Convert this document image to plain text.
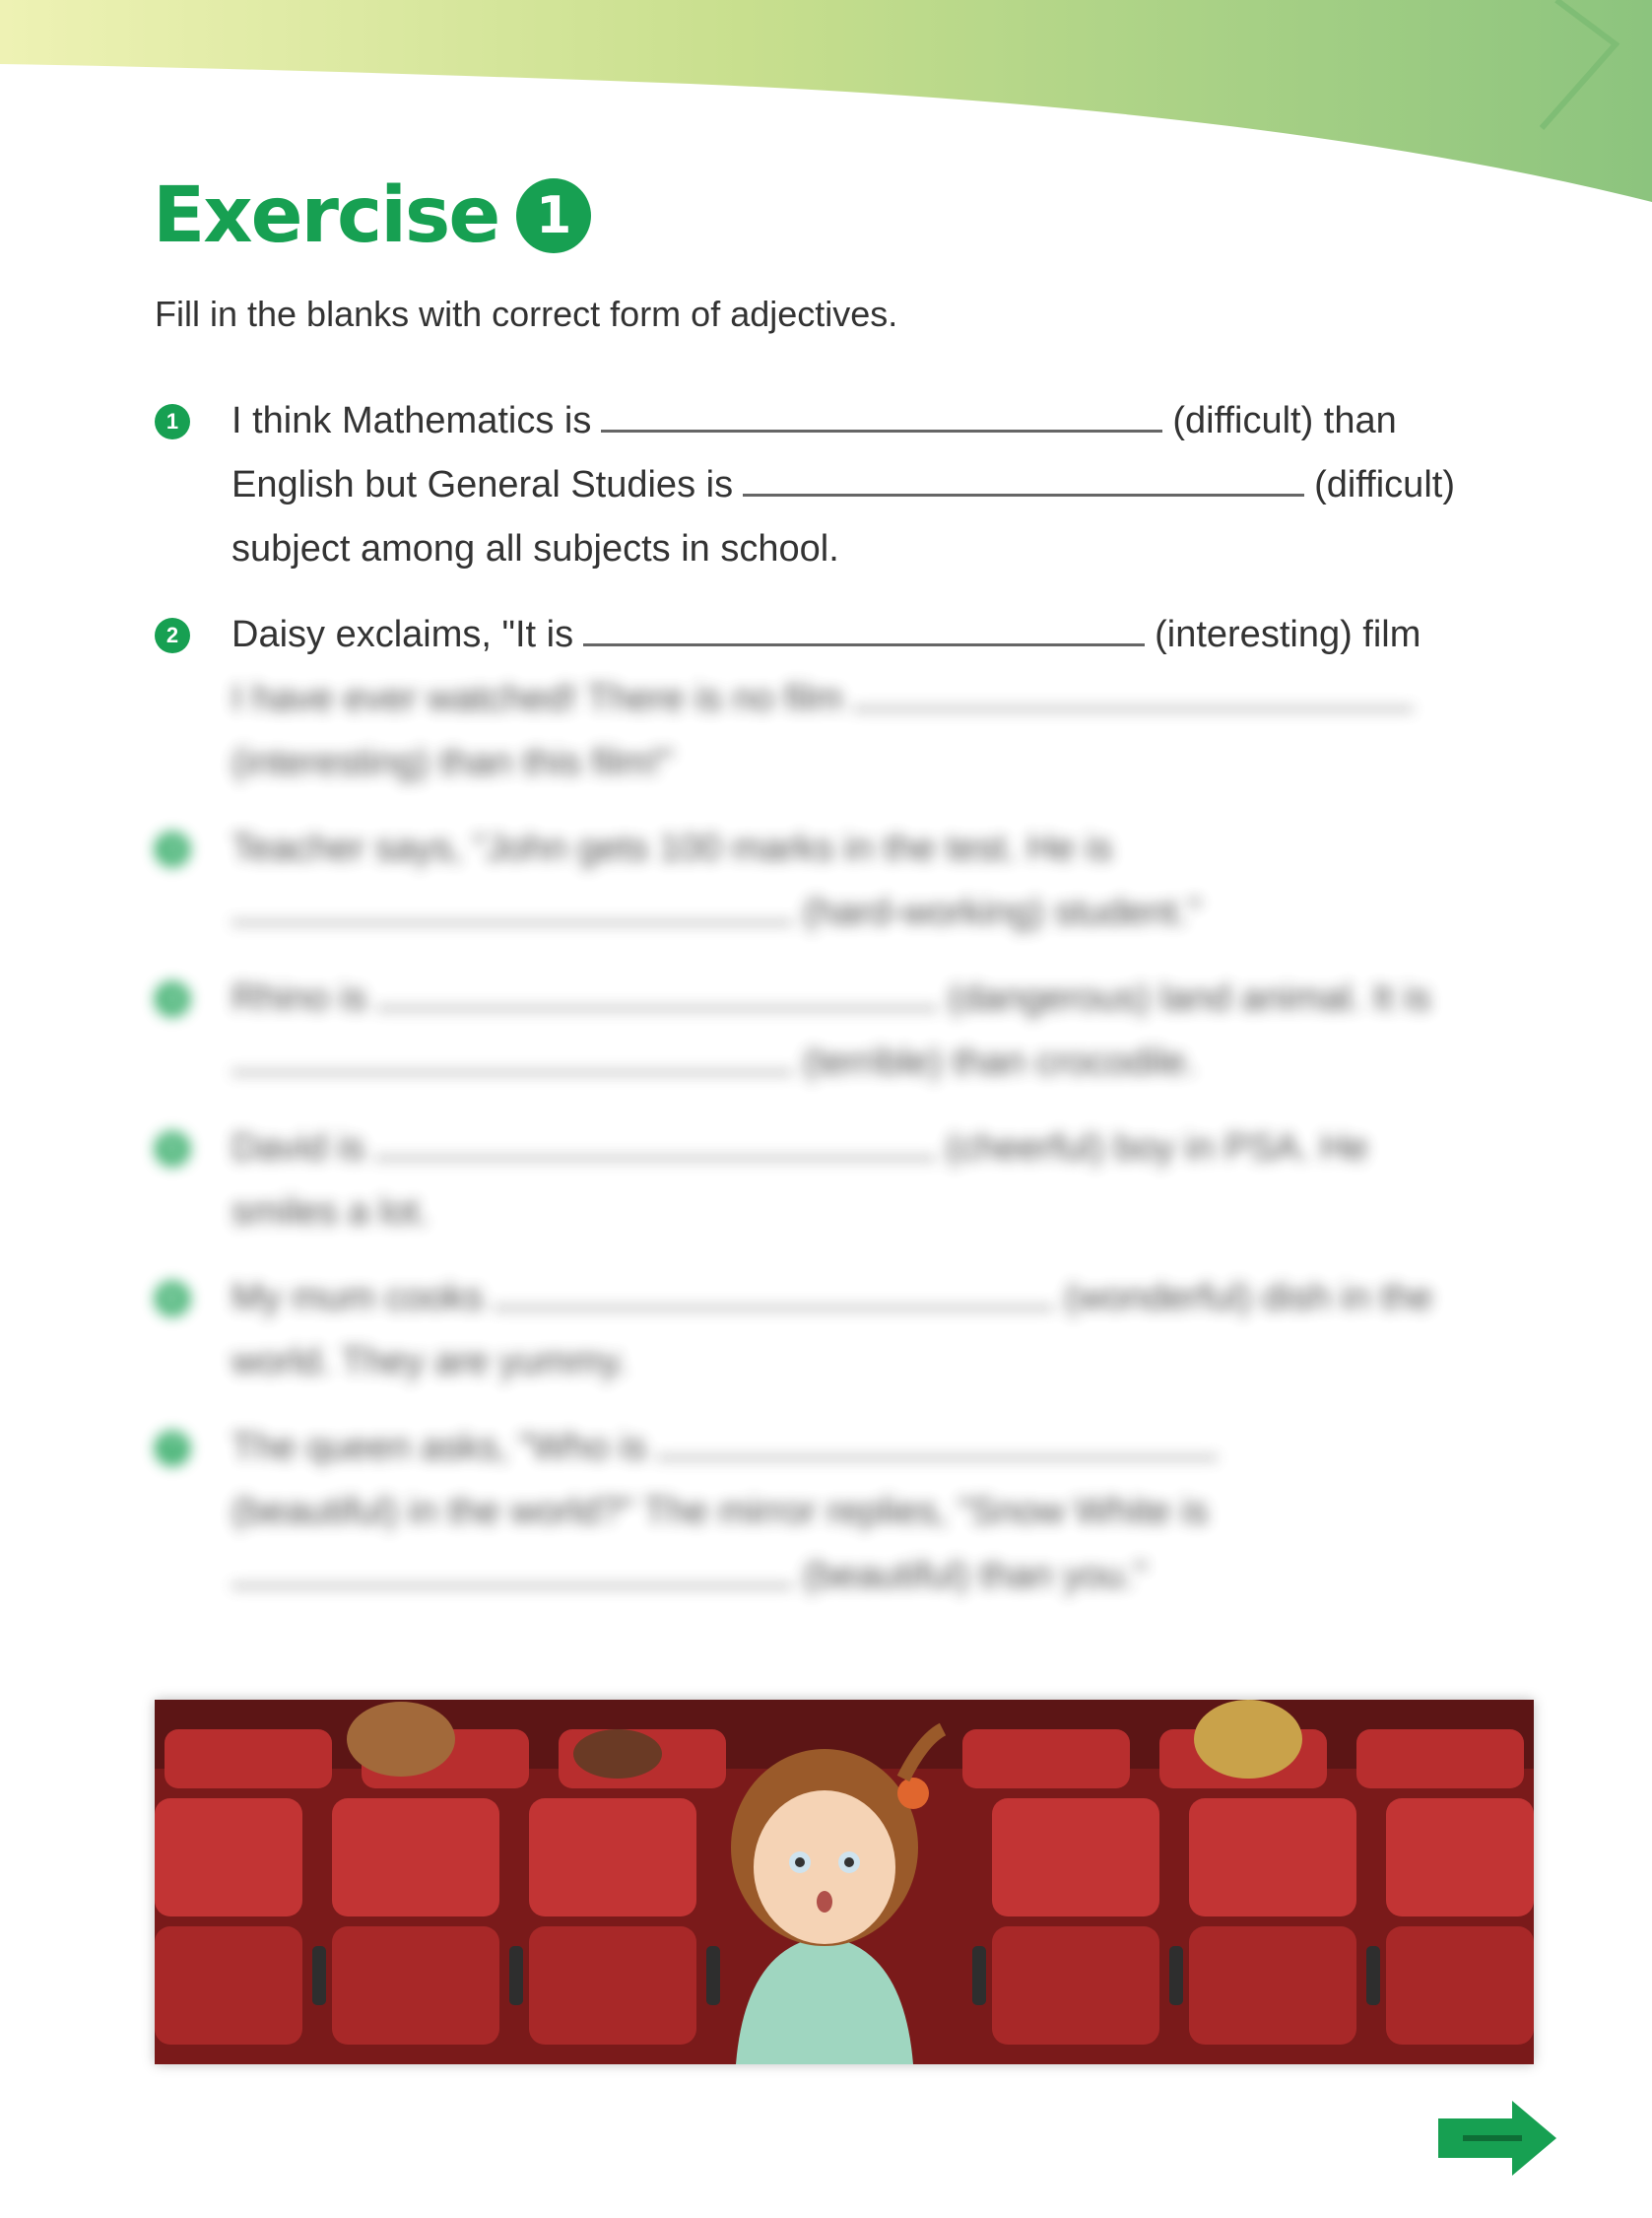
Exercise 1
Fill in the blanks with correct form of adjectives.
1	I think Mathematics is	(difficult) than
English but General Studies is	(difficult)
subject among all subjects in school.
2	Daisy exclaims, "It is	(interesting) film
I have ever watched! There is no film
(interesting) than this film!"
3	Teacher says, "John gets 100 marks in the test. He is
(hard-working) student."
4	Rhino is	(dangerous) land animal. It is
(terrible) than crocodile.
5	David is	(cheerful) boy in PSA. He
smiles a lot.
6	My mum cooks	(wonderful) dish in the
world. They are yummy.
7	The queen asks, "Who is
(beautiful) in the world?" The mirror replies, "Snow White is
(beautiful) than you."
